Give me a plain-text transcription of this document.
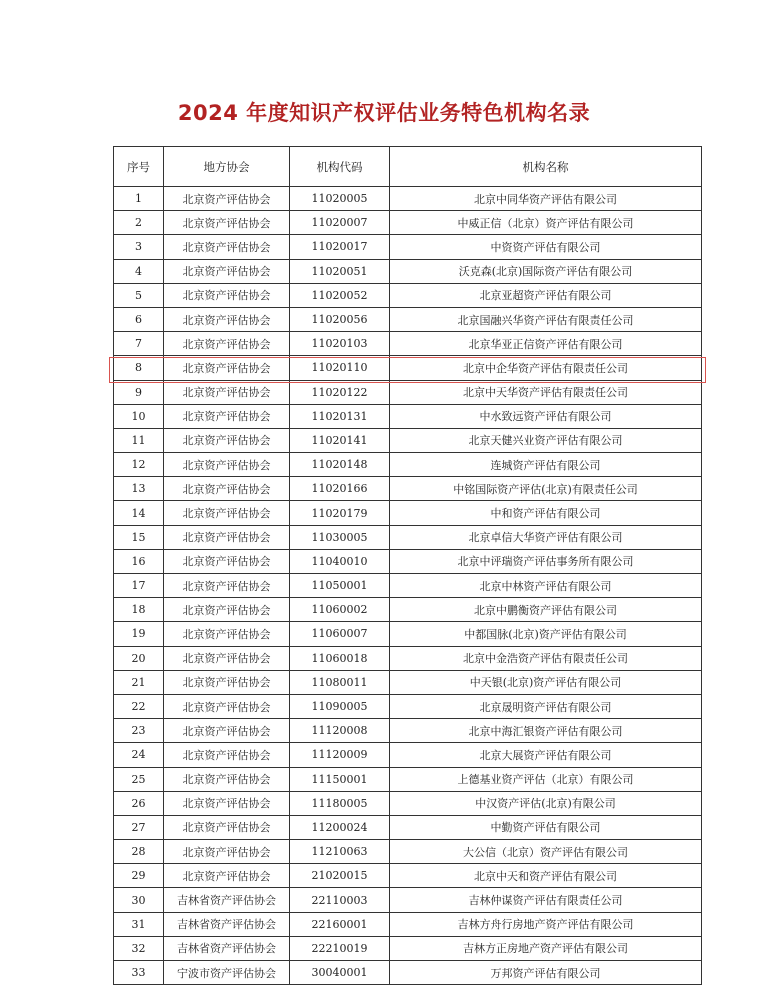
2024 年度知识产权评估业务特色机构名录
序号	地方协会	机构代码	机构名称
1	北京资产评估协会	11020005	北京中同华资产评估有限公司
2	北京资产评估协会	11020007	中威正信（北京）资产评估有限公司
3	北京资产评估协会	11020017	中资资产评估有限公司
4	北京资产评估协会	11020051	沃克森(北京)国际资产评估有限公司
5	北京资产评估协会	11020052	北京亚超资产评估有限公司
6	北京资产评估协会	11020056	北京国融兴华资产评估有限责任公司
7	北京资产评估协会	11020103	北京华亚正信资产评估有限公司
8	北京资产评估协会	11020110	北京中企华资产评估有限责任公司
9	北京资产评估协会	11020122	北京中天华资产评估有限责任公司
10	北京资产评估协会	11020131	中水致远资产评估有限公司
11	北京资产评估协会	11020141	北京天健兴业资产评估有限公司
12	北京资产评估协会	11020148	连城资产评估有限公司
13	北京资产评估协会	11020166	中铭国际资产评估(北京)有限责任公司
14	北京资产评估协会	11020179	中和资产评估有限公司
15	北京资产评估协会	11030005	北京卓信大华资产评估有限公司
16	北京资产评估协会	11040010	北京中评瑞资产评估事务所有限公司
17	北京资产评估协会	11050001	北京中林资产评估有限公司
18	北京资产评估协会	11060002	北京中鹏衡资产评估有限公司
19	北京资产评估协会	11060007	中都国脉(北京)资产评估有限公司
20	北京资产评估协会	11060018	北京中金浩资产评估有限责任公司
21	北京资产评估协会	11080011	中天银(北京)资产评估有限公司
22	北京资产评估协会	11090005	北京晟明资产评估有限公司
23	北京资产评估协会	11120008	北京中海汇银资产评估有限公司
24	北京资产评估协会	11120009	北京大展资产评估有限公司
25	北京资产评估协会	11150001	上德基业资产评估（北京）有限公司
26	北京资产评估协会	11180005	中汉资产评估(北京)有限公司
27	北京资产评估协会	11200024	中勤资产评估有限公司
28	北京资产评估协会	11210063	大公信（北京）资产评估有限公司
29	北京资产评估协会	21020015	北京中天和资产评估有限公司
30	吉林省资产评估协会	22110003	吉林仲谋资产评估有限责任公司
31	吉林省资产评估协会	22160001	吉林方舟行房地产资产评估有限公司
32	吉林省资产评估协会	22210019	吉林方正房地产资产评估有限公司
33	宁波市资产评估协会	30040001	万邦资产评估有限公司
